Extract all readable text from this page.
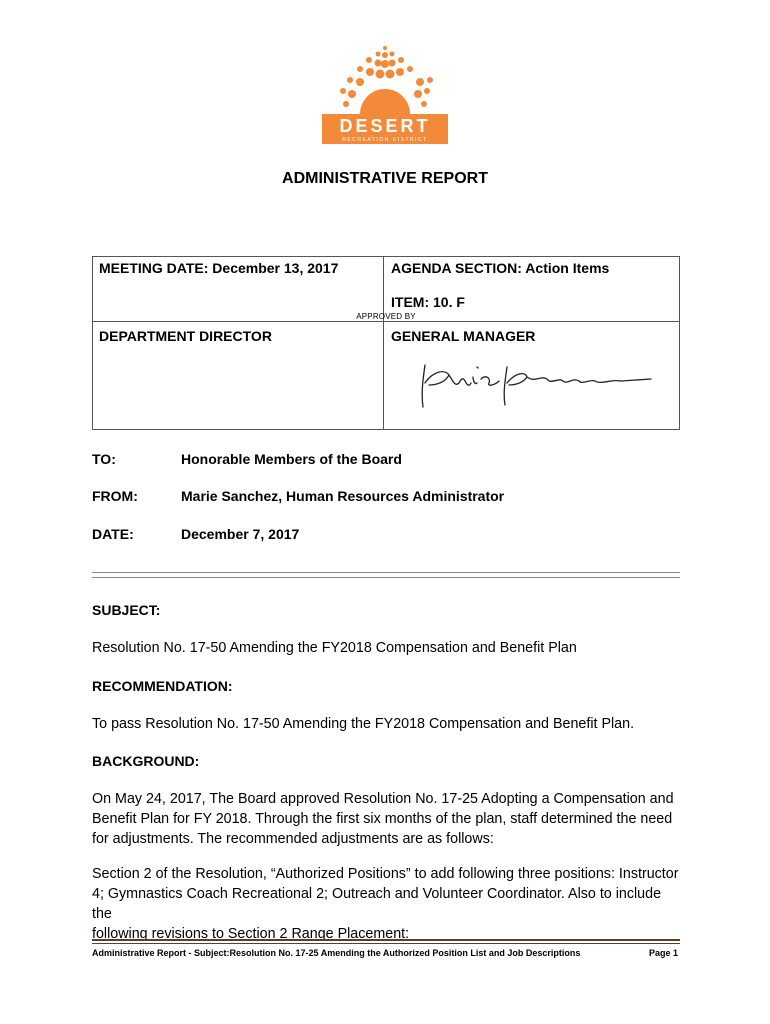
DESERT
RECREATION DISTRICT
ADMINISTRATIVE REPORT
MEETING DATE: December 13, 2017	AGENDA SECTION: Action Items
ITEM: 10. F
APPROVED BY
DEPARTMENT DIRECTOR	GENERAL MANAGER
TO:	Honorable Members of the Board
FROM:	Marie Sanchez, Human Resources Administrator
DATE:	December 7, 2017
SUBJECT:
Resolution No. 17-50 Amending the FY2018 Compensation and Benefit Plan
RECOMMENDATION:
To pass Resolution No. 17-50 Amending the FY2018 Compensation and Benefit Plan.
BACKGROUND:
On May 24, 2017, The Board approved Resolution No. 17-25 Adopting a Compensation and
Benefit Plan for FY 2018. Through the first six months of the plan, staff determined the need
for adjustments. The recommended adjustments are as follows:
Section 2 of the Resolution, “Authorized Positions” to add following three positions: Instructor
4; Gymnastics Coach Recreational 2; Outreach and Volunteer Coordinator. Also to include the
following revisions to Section 2 Range Placement:
Administrative Report - Subject:Resolution No. 17-25 Amending the Authorized Position List and Job Descriptions	Page 1
